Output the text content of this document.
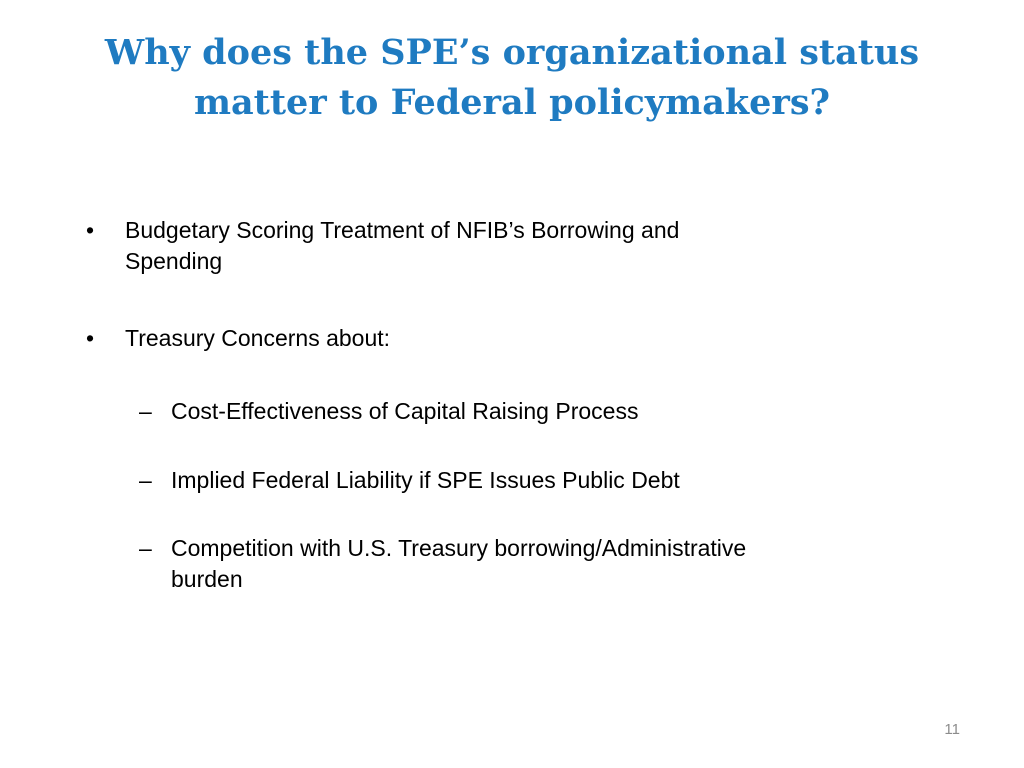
Why does the SPE’s organizational status
matter to Federal policymakers?
•	Budgetary Scoring Treatment of NFIB’s Borrowing and
Spending
•	Treasury Concerns about:
– Cost-Effectiveness of Capital Raising Process
– Implied Federal Liability if SPE Issues Public Debt
– Competition with U.S. Treasury borrowing/Administrative
burden
11
